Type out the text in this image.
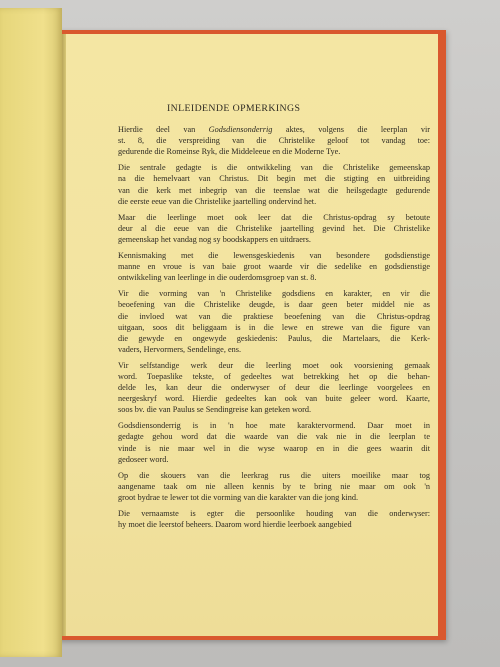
INLEIDENDE OPMERKINGS
Hierdie deel van Godsdiensonderrig aktes, volgens die leerplan vir
st. 8, die verspreiding van die Christelike geloof tot vandag toe:
gedurende die Romeinse Ryk, die Middeleeue en die Moderne Tye.
Die sentrale gedagte is die ontwikkeling van die Christelike gemeenskap
na die hemelvaart van Christus. Dit begin met die stigting en uitbreiding
van die kerk met inbegrip van die teenslae wat die heilsgedagte gedurende
die eerste eeue van die Christelike jaartelling ondervind het.
Maar die leerlinge moet ook leer dat die Christus-opdrag sy betoute
deur al die eeue van die Christelike jaartelling gevind het. Die Christelike
gemeenskap het vandag nog sy boodskappers en uitdraers.
Kennismaking met die lewensgeskiedenis van besondere godsdienstige
manne en vroue is van baie groot waarde vir die sedelike en godsdienstige
ontwikkeling van leerlinge in die ouderdomsgroep van st. 8.
Vir die vorming van 'n Christelike godsdiens en karakter, en vir die
beoefening van die Christelike deugde, is daar geen beter middel nie as
die invloed wat van die praktiese beoefening van die Christus-opdrag
uitgaan, soos dit beliggaam is in die lewe en strewe van die figure van
die gewyde en ongewyde geskiedenis: Paulus, die Martelaars, die Kerk-
vaders, Hervormers, Sendelinge, ens.
Vir selfstandige werk deur die leerling moet ook voorsiening gemaak
word. Toepaslike tekste, of gedeeltes wat betrekking het op die behan-
delde les, kan deur die onderwyser of deur die leerlinge voorgelees en
neergeskryf word. Hierdie gedeeltes kan ook van buite geleer word. Kaarte,
soos bv. die van Paulus se Sendingreise kan geteken word.
Godsdiensonderrig is in 'n hoe mate karaktervormend. Daar moet in
gedagte gehou word dat die waarde van die vak nie in die leerplan te
vinde is nie maar wel in die wyse waarop en in die gees waarin dit
gedoseer word.
Op die skouers van die leerkrag rus die uiters moeilike maar tog
aangename taak om nie alleen kennis by te bring nie maar om ook 'n
groot bydrae te lewer tot die vorming van die karakter van die jong kind.
Die vernaamste is egter die persoonlike houding van die onderwyser:
hy moet die leerstof beheers. Daarom word hierdie leerboek aangebied
